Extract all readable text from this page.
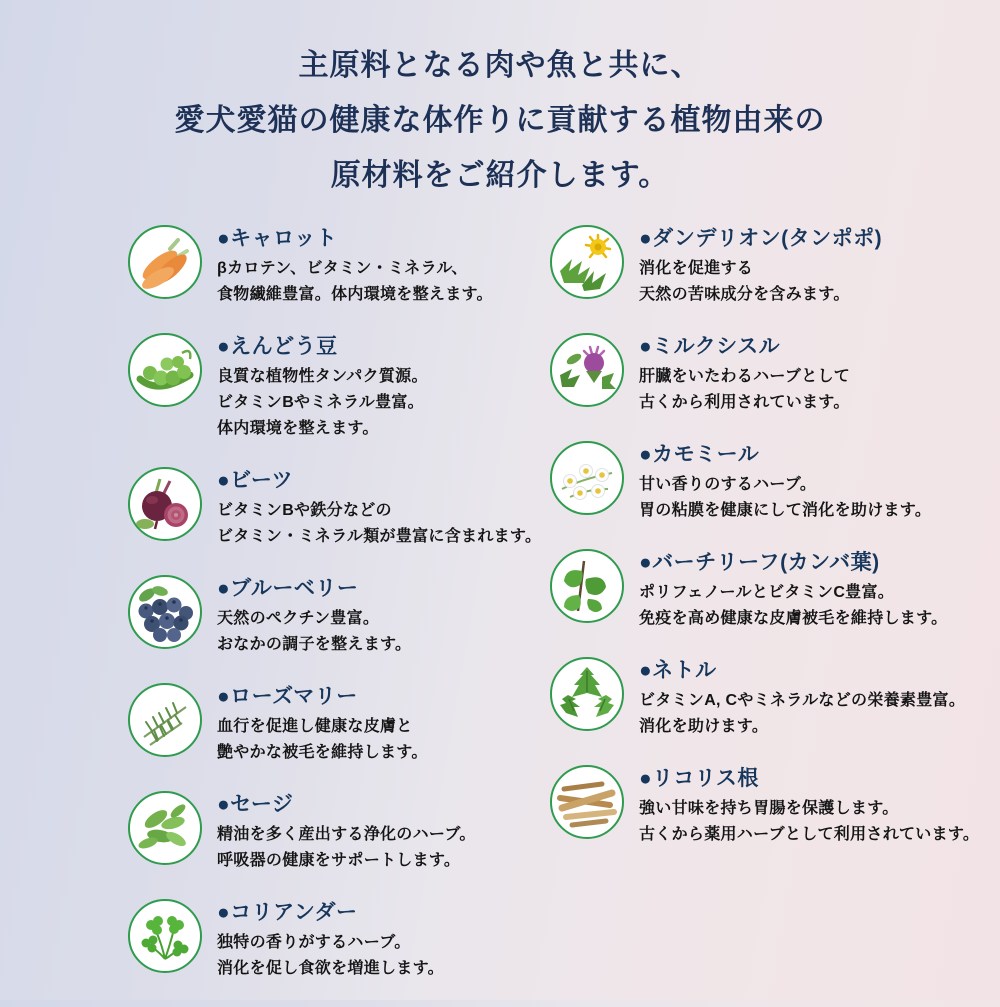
主原料となる肉や魚と共に、
愛犬愛猫の健康な体作りに貢献する植物由来の
原材料をご紹介します。
●キャロット
βカロテン、ビタミン・ミネラル、
食物繊維豊富。体内環境を整えます。
●えんどう豆
良質な植物性タンパク質源。
ビタミンBやミネラル豊富。
体内環境を整えます。
●ビーツ
ビタミンBや鉄分などの
ビタミン・ミネラル類が豊富に含まれます。
●ブルーベリー
天然のペクチン豊富。
おなかの調子を整えます。
●ローズマリー
血行を促進し健康な皮膚と
艶やかな被毛を維持します。
●セージ
精油を多く産出する浄化のハーブ。
呼吸器の健康をサポートします。
●コリアンダー
独特の香りがするハーブ。
消化を促し食欲を増進します。
●ダンデリオン(タンポポ)
消化を促進する
天然の苦味成分を含みます。
●ミルクシスル
肝臓をいたわるハーブとして
古くから利用されています。
●カモミール
甘い香りのするハーブ。
胃の粘膜を健康にして消化を助けます。
●バーチリーフ(カンバ葉)
ポリフェノールとビタミンC豊富。
免疫を高め健康な皮膚被毛を維持します。
●ネトル
ビタミンA, Cやミネラルなどの栄養素豊富。
消化を助けます。
●リコリス根
強い甘味を持ち胃腸を保護します。
古くから薬用ハーブとして利用されています。
